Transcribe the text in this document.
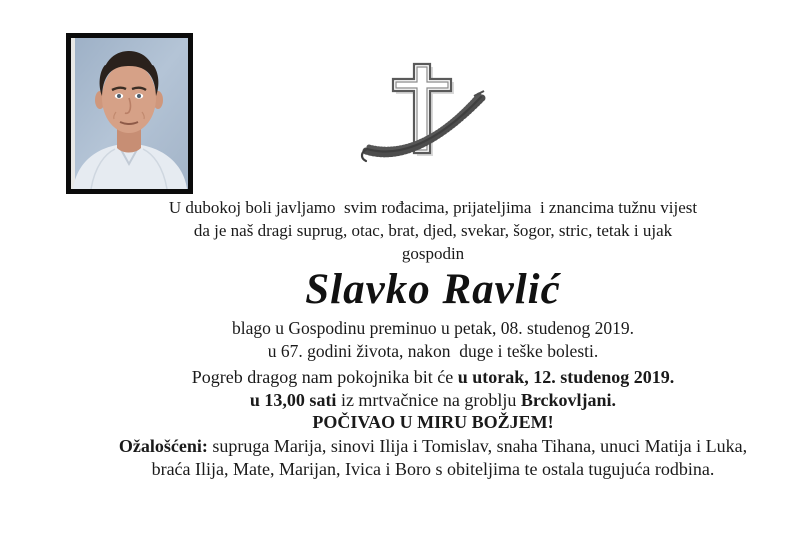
U dubokoj boli javljamo  svim rođacima, prijateljima  i znancima tužnu vijest
da je naš dragi suprug, otac, brat, djed, svekar, šogor, stric, tetak i ujak
gospodin

Slavko Ravlić

blago u Gospodinu preminuo u petak, 08. studenog 2019.
u 67. godini života, nakon  duge i teške bolesti.

Pogreb dragog nam pokojnika bit će u utorak, 12. studenog 2019.
u 13,00 sati iz mrtvačnice na groblju Brckovljani.
POČIVAO U MIRU BOŽJEM!

Ožalošćeni: supruga Marija, sinovi Ilija i Tomislav, snaha Tihana, unuci Matija i Luka,
braća Ilija, Mate, Marijan, Ivica i Boro s obiteljima te ostala tugujuća rodbina.
